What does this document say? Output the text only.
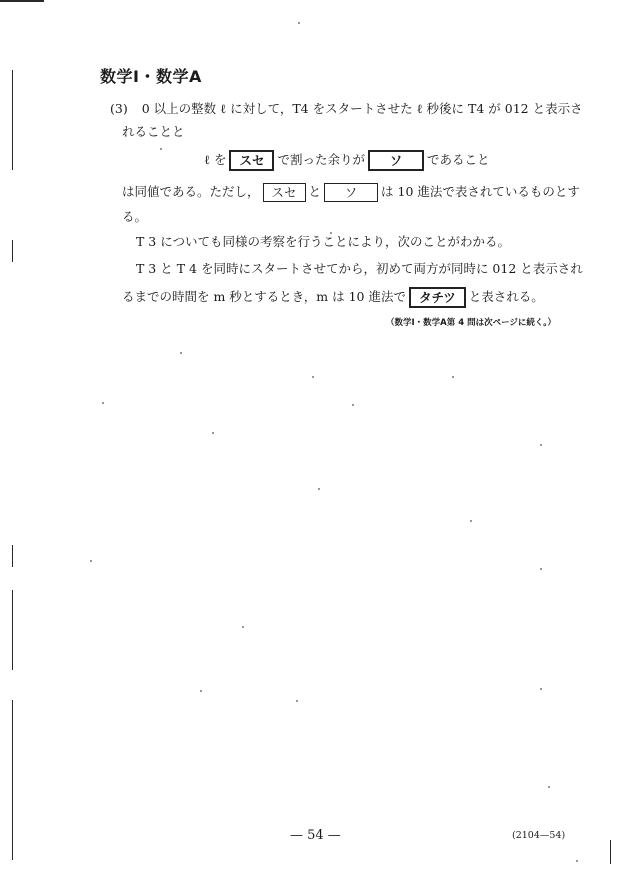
数学Ⅰ・数学A
(3) 0 以上の整数 ℓ に対して，T4 をスタートさせた ℓ 秒後に T4 が 012 と表示さ
れることと
ℓ を スセ で割った余りが ソ であること
は同値である。ただし， スセ と ソ は 10 進法で表されているものとす
る。
T 3 についても同様の考察を行うことにより，次のことがわかる。
T 3 と T 4 を同時にスタートさせてから，初めて両方が同時に 012 と表示され
るまでの時間を m 秒とするとき，m は 10 進法で タチツ と表される。
（数学Ⅰ・数学A第 4 問は次ページに続く。）
— 54 —	(2104—54)
